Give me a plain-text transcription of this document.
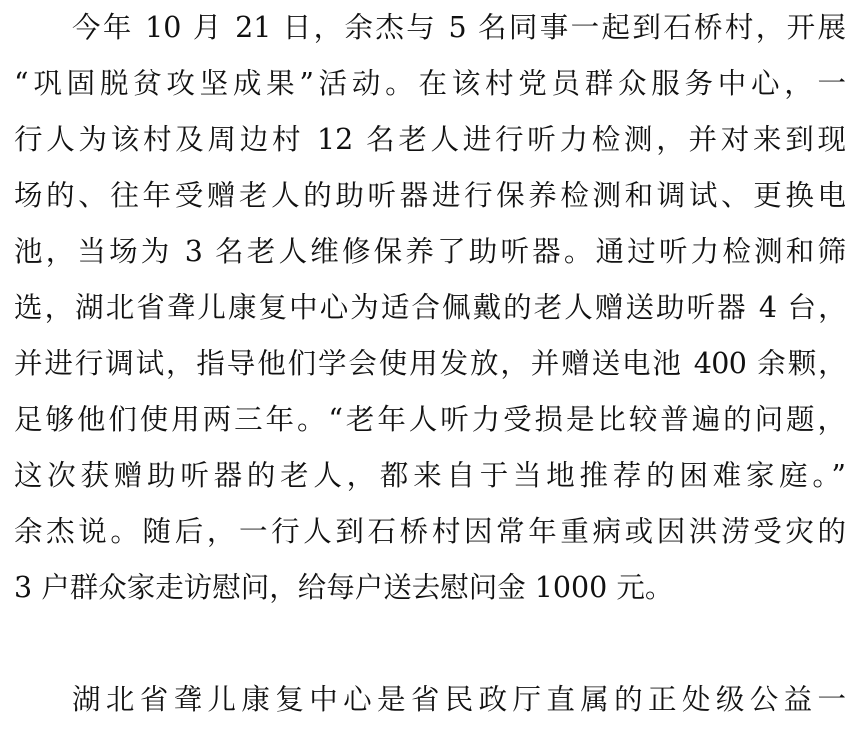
今年 10 月 21 日，余杰与 5 名同事一起到石桥村，开展
“巩固脱贫攻坚成果”活动。在该村党员群众服务中心，一
行人为该村及周边村 12 名老人进行听力检测，并对来到现
场的、往年受赠老人的助听器进行保养检测和调试、更换电
池，当场为 3 名老人维修保养了助听器。通过听力检测和筛
选，湖北省聋儿康复中心为适合佩戴的老人赠送助听器 4 台，
并进行调试，指导他们学会使用发放，并赠送电池 400 余颗，
足够他们使用两三年。“老年人听力受损是比较普遍的问题，
这次获赠助听器的老人，都来自于当地推荐的困难家庭。”
余杰说。随后，一行人到石桥村因常年重病或因洪涝受灾的
3 户群众家走访慰问，给每户送去慰问金 1000 元。
湖北省聋儿康复中心是省民政厅直属的正处级公益一
